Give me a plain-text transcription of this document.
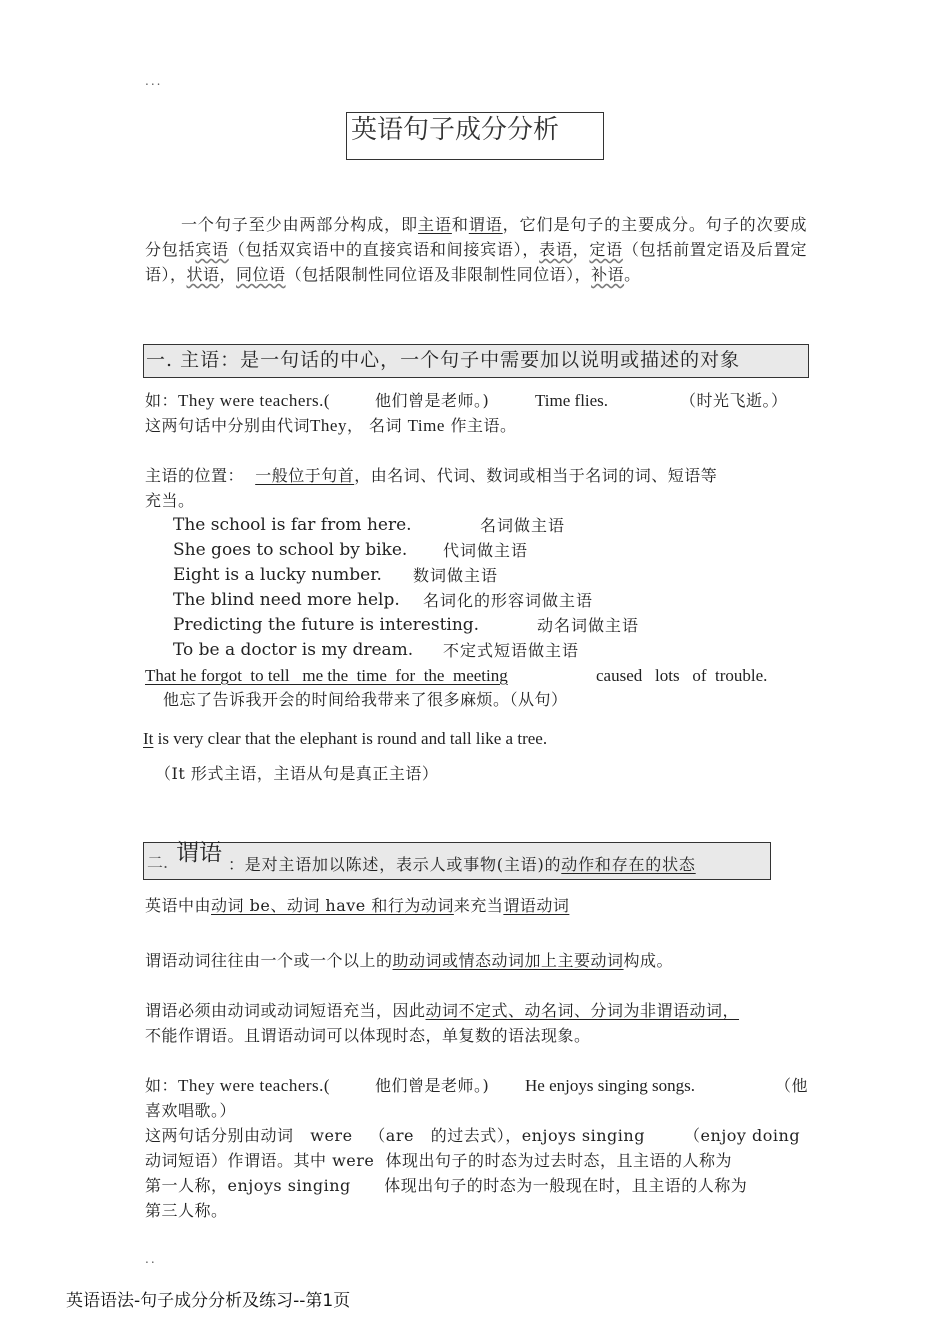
...
英语句子成分分析
一个句子至少由两部分构成，即主语和谓语，它们是句子的主要成分。句子的次要成分包括宾语（包括双宾语中的直接宾语和间接宾语），表语，定语（包括前置定语及后置定语），状语，同位语（包括限制性同位语及非限制性同位语），补语。
一. 主语：是一句话的中心，一个句子中需要加以说明或描述的对象
如：They were teachers.(	他们曾是老师。)	Time flies.	（时光飞逝。）
这两句话中分别由代词They， 名词 Time 作主语。
主语的位置： 一般位于句首，由名词、代词、数词或相当于名词的词、短语等
充当。
The school is far from here.	名词做主语
She goes to school by bike. 代词做主语
Eight is a lucky number. 数词做主语
The blind need more help. 名词化的形容词做主语
Predicting the future is interesting.	动名词做主语
To be a doctor is my dream. 不定式短语做主语
That he forgot  to tell   me the  time  for  the  meeting	caused   lots   of  trouble.
他忘了告诉我开会的时间给我带来了很多麻烦。（从句）
It is very clear that the elephant is round and tall like a tree.
（It 形式主语，主语从句是真正主语）
二. 谓语 ：是对主语加以陈述，表示人或事物(主语)的动作和存在的状态
英语中由动词 be、动词 have 和行为动词来充当谓语动词
谓语动词往往由一个或一个以上的助动词或情态动词加上主要动词构成。
谓语必须由动词或动词短语充当，因此动词不定式、动名词、分词为非谓语动词，
不能作谓语。且谓语动词可以体现时态，单复数的语法现象。
如：They were teachers.(	他们曾是老师。) He enjoys singing songs.	（他
喜欢唱歌。）
这两句话分别由动词   were   （are   的过去式），enjoys singing       （enjoy doing
动词短语）作谓语。其中 were  体现出句子的时态为过去时态，且主语的人称为
第一人称，enjoys singing      体现出句子的时态为一般现在时，且主语的人称为
第三人称。
..
英语语法-句子成分分析及练习--第1页
